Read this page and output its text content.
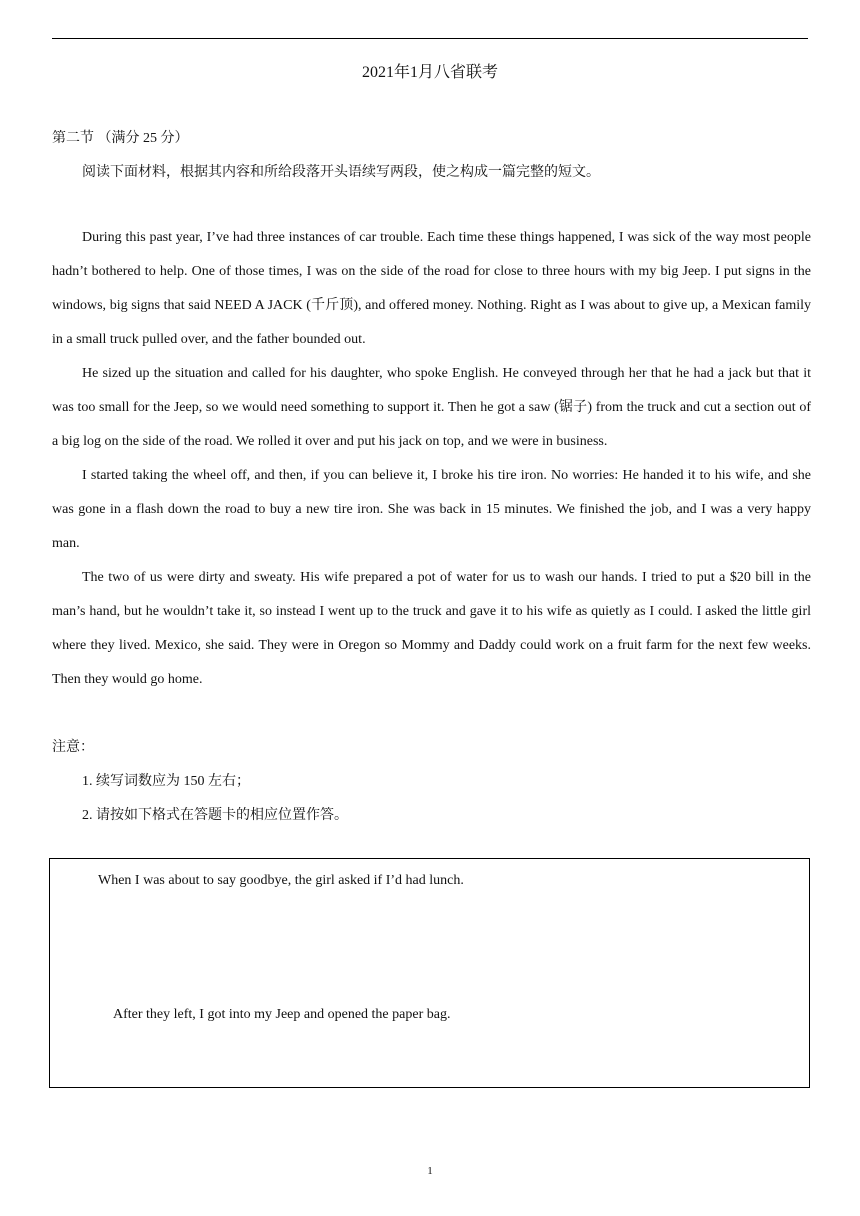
2021年1月八省联考
第二节 （满分 25 分）
阅读下面材料，根据其内容和所给段落开头语续写两段，使之构成一篇完整的短文。

During this past year, I’ve had three instances of car trouble. Each time these things happened, I was sick of the way most people hadn’t bothered to help. One of those times, I was on the side of the road for close to three hours with my big Jeep. I put signs in the windows, big signs that said NEED A JACK (千斤顶), and offered money. Nothing. Right as I was about to give up, a Mexican family in a small truck pulled over, and the father bounded out.

He sized up the situation and called for his daughter, who spoke English. He conveyed through her that he had a jack but that it was too small for the Jeep, so we would need something to support it. Then he got a saw (锯子) from the truck and cut a section out of a big log on the side of the road. We rolled it over and put his jack on top, and we were in business.

I started taking the wheel off, and then, if you can believe it, I broke his tire iron. No worries: He handed it to his wife, and she was gone in a flash down the road to buy a new tire iron. She was back in 15 minutes. We finished the job, and I was a very happy man.

The two of us were dirty and sweaty. His wife prepared a pot of water for us to wash our hands. I tried to put a $20 bill in the man’s hand, but he wouldn’t take it, so instead I went up to the truck and gave it to his wife as quietly as I could. I asked the little girl where they lived. Mexico, she said. They were in Oregon so Mommy and Daddy could work on a fruit farm for the next few weeks. Then they would go home.

注意：
1. 续写词数应为 150 左右；
2. 请按如下格式在答题卡的相应位置作答。
When I was about to say goodbye, the girl asked if I’d had lunch.
After they left, I got into my Jeep and opened the paper bag.
1
